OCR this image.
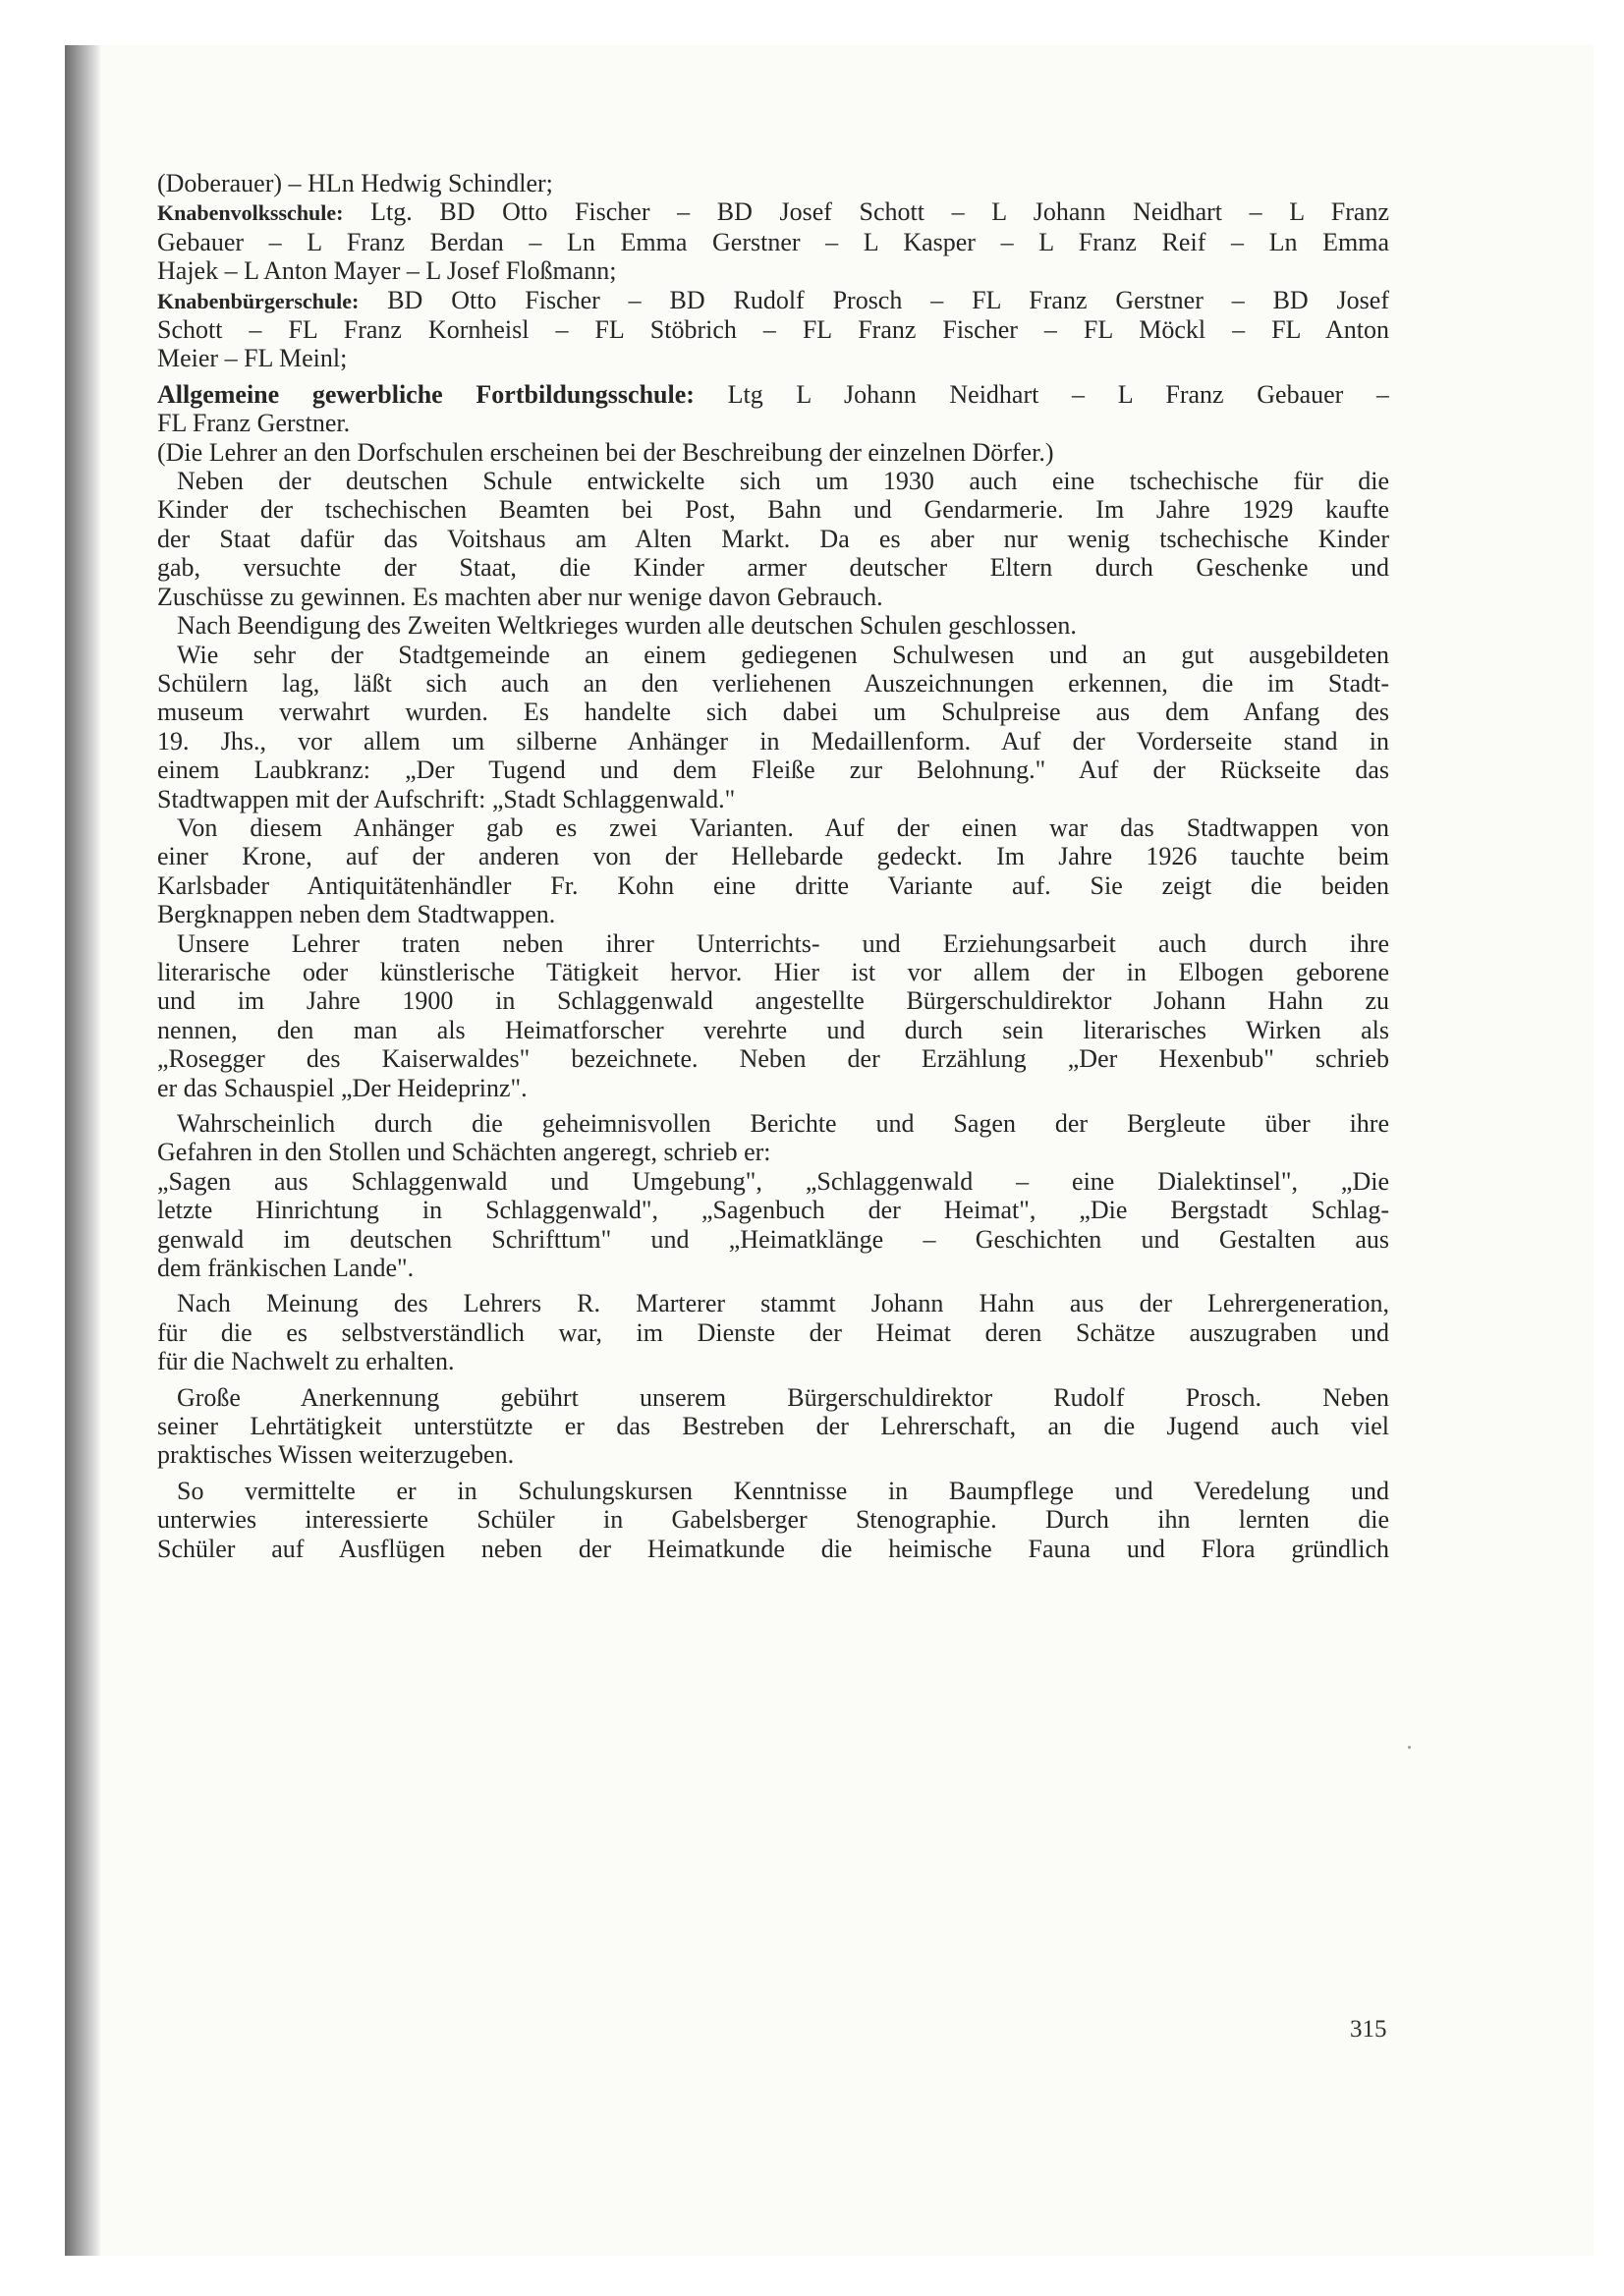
(Doberauer) – HLn Hedwig Schindler;
Knabenvolksschule: Ltg. BD Otto Fischer – BD Josef Schott – L Johann Neidhart – L Franz
Gebauer – L Franz Berdan – Ln Emma Gerstner – L Kasper – L Franz Reif – Ln Emma
Hajek – L Anton Mayer – L Josef Floßmann;
Knabenbürgerschule: BD Otto Fischer – BD Rudolf Prosch – FL Franz Gerstner – BD Josef
Schott – FL Franz Kornheisl – FL Stöbrich – FL Franz Fischer – FL Möckl – FL Anton
Meier – FL Meinl;
Allgemeine gewerbliche Fortbildungsschule: Ltg L Johann Neidhart – L Franz Gebauer –
FL Franz Gerstner.
(Die Lehrer an den Dorfschulen erscheinen bei der Beschreibung der einzelnen Dörfer.)
Neben der deutschen Schule entwickelte sich um 1930 auch eine tschechische für die
Kinder der tschechischen Beamten bei Post, Bahn und Gendarmerie. Im Jahre 1929 kaufte
der Staat dafür das Voitshaus am Alten Markt. Da es aber nur wenig tschechische Kinder
gab, versuchte der Staat, die Kinder armer deutscher Eltern durch Geschenke und
Zuschüsse zu gewinnen. Es machten aber nur wenige davon Gebrauch.
Nach Beendigung des Zweiten Weltkrieges wurden alle deutschen Schulen geschlossen.
Wie sehr der Stadtgemeinde an einem gediegenen Schulwesen und an gut ausgebildeten
Schülern lag, läßt sich auch an den verliehenen Auszeichnungen erkennen, die im Stadt-
museum verwahrt wurden. Es handelte sich dabei um Schulpreise aus dem Anfang des
19. Jhs., vor allem um silberne Anhänger in Medaillenform. Auf der Vorderseite stand in
einem Laubkranz: „Der Tugend und dem Fleiße zur Belohnung." Auf der Rückseite das
Stadtwappen mit der Aufschrift: „Stadt Schlaggenwald."
Von diesem Anhänger gab es zwei Varianten. Auf der einen war das Stadtwappen von
einer Krone, auf der anderen von der Hellebarde gedeckt. Im Jahre 1926 tauchte beim
Karlsbader Antiquitätenhändler Fr. Kohn eine dritte Variante auf. Sie zeigt die beiden
Bergknappen neben dem Stadtwappen.
Unsere Lehrer traten neben ihrer Unterrichts- und Erziehungsarbeit auch durch ihre
literarische oder künstlerische Tätigkeit hervor. Hier ist vor allem der in Elbogen geborene
und im Jahre 1900 in Schlaggenwald angestellte Bürgerschuldirektor Johann Hahn zu
nennen, den man als Heimatforscher verehrte und durch sein literarisches Wirken als
„Rosegger des Kaiserwaldes" bezeichnete. Neben der Erzählung „Der Hexenbub" schrieb
er das Schauspiel „Der Heideprinz".
Wahrscheinlich durch die geheimnisvollen Berichte und Sagen der Bergleute über ihre
Gefahren in den Stollen und Schächten angeregt, schrieb er:
„Sagen aus Schlaggenwald und Umgebung", „Schlaggenwald – eine Dialektinsel", „Die
letzte Hinrichtung in Schlaggenwald", „Sagenbuch der Heimat", „Die Bergstadt Schlag-
genwald im deutschen Schrifttum" und „Heimatklänge – Geschichten und Gestalten aus
dem fränkischen Lande".
Nach Meinung des Lehrers R. Marterer stammt Johann Hahn aus der Lehrergeneration,
für die es selbstverständlich war, im Dienste der Heimat deren Schätze auszugraben und
für die Nachwelt zu erhalten.
Große Anerkennung gebührt unserem Bürgerschuldirektor Rudolf Prosch. Neben
seiner Lehrtätigkeit unterstützte er das Bestreben der Lehrerschaft, an die Jugend auch viel
praktisches Wissen weiterzugeben.
So vermittelte er in Schulungskursen Kenntnisse in Baumpflege und Veredelung und
unterwies interessierte Schüler in Gabelsberger Stenographie. Durch ihn lernten die
Schüler auf Ausflügen neben der Heimatkunde die heimische Fauna und Flora gründlich
315
